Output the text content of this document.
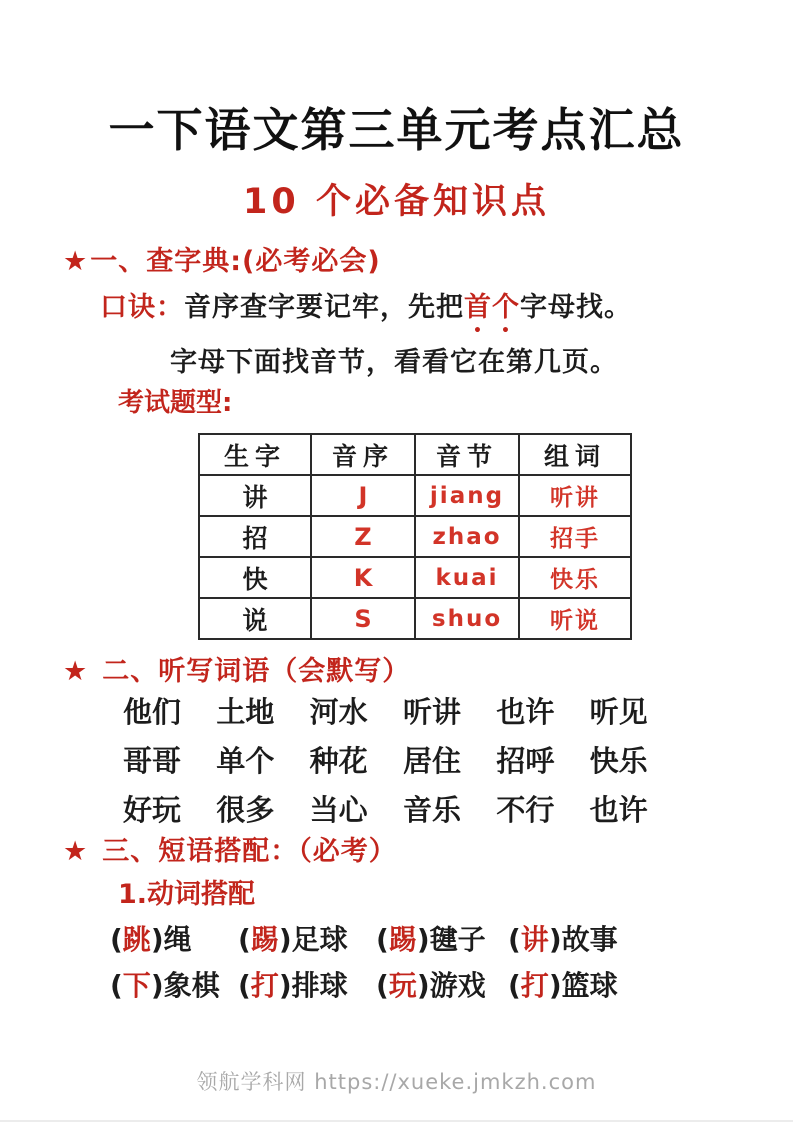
一下语文第三单元考点汇总
10 个必备知识点
★一、查字典:(必考必会)
口诀：音序查字要记牢，先把首个字母找。
字母下面找音节，看看它在第几页。
考试题型:
生字	音序	音节	组词
讲	J	jiang	听讲
招	Z	zhao	招手
快	K	kuai	快乐
说	S	shuo	听说
★ 二、听写词语（会默写）
他们	土地	河水	听讲	也许	听见
哥哥	单个	种花	居住	招呼	快乐
好玩	很多	当心	音乐	不行	也许
★ 三、短语搭配：（必考）
1.动词搭配
(跳)绳	(踢)足球	(踢)毽子 (讲)故事
(下)象棋 (打)排球	(玩)游戏 (打)篮球
领航学科网 https://xueke.jmkzh.com
